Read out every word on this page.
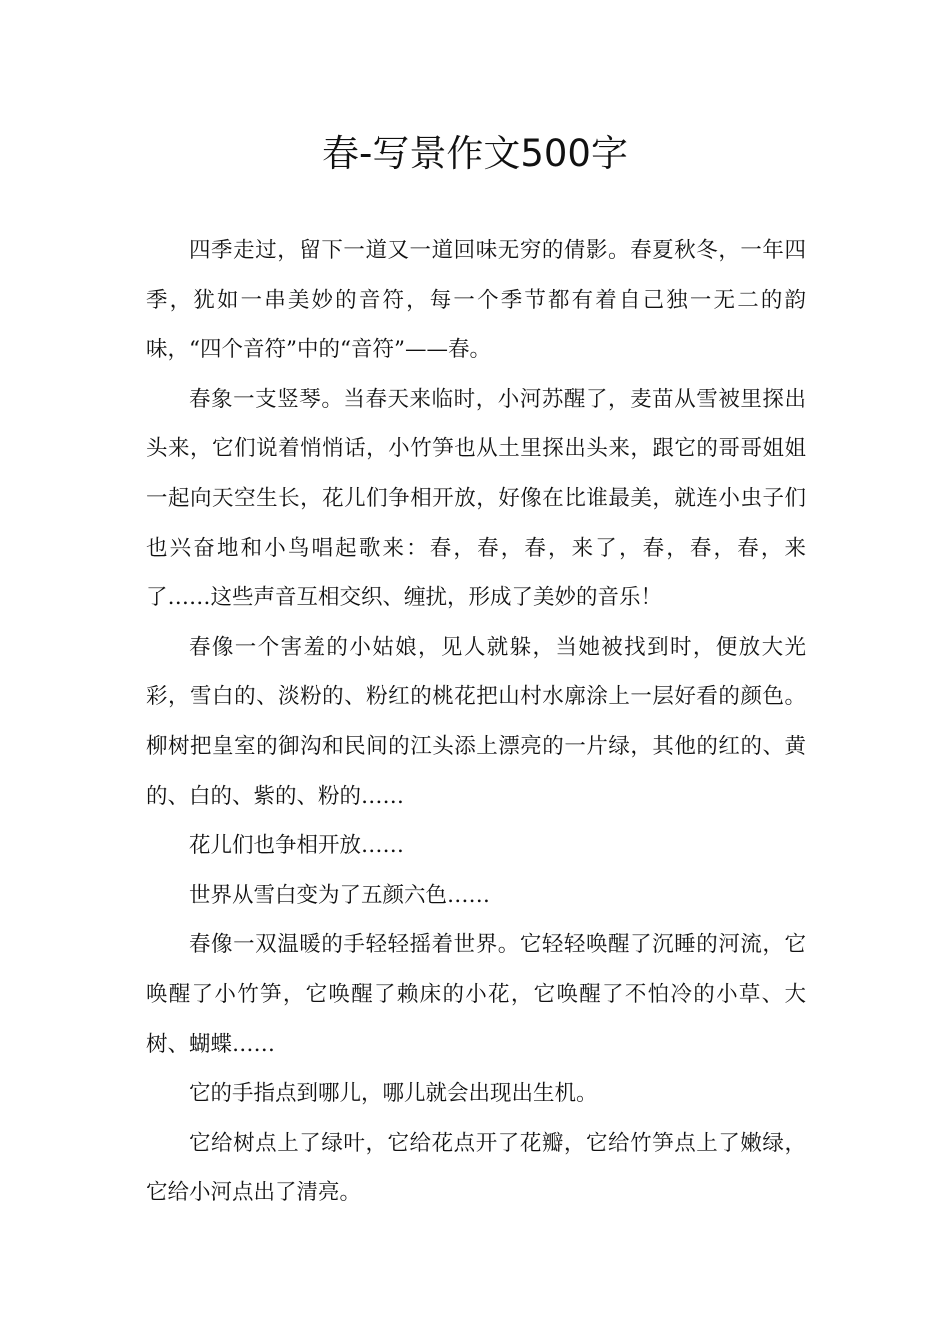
春-写景作文500字

四季走过，留下一道又一道回味无穷的倩影。春夏秋冬，一年四季，犹如一串美妙的音符，每一个季节都有着自己独一无二的韵味，“四个音符”中的“音符”——春。

春象一支竖琴。当春天来临时，小河苏醒了，麦苗从雪被里探出头来，它们说着悄悄话，小竹笋也从土里探出头来，跟它的哥哥姐姐一起向天空生长，花儿们争相开放，好像在比谁最美，就连小虫子们也兴奋地和小鸟唱起歌来：春，春，春，来了，春，春，春，来了……这些声音互相交织、缠扰，形成了美妙的音乐！

春像一个害羞的小姑娘，见人就躲，当她被找到时，便放大光彩，雪白的、淡粉的、粉红的桃花把山村水廓涂上一层好看的颜色。柳树把皇室的御沟和民间的江头添上漂亮的一片绿，其他的红的、黄的、白的、紫的、粉的……

花儿们也争相开放……

世界从雪白变为了五颜六色……

春像一双温暖的手轻轻摇着世界。它轻轻唤醒了沉睡的河流，它唤醒了小竹笋，它唤醒了赖床的小花，它唤醒了不怕冷的小草、大树、蝴蝶……

它的手指点到哪儿，哪儿就会出现出生机。

它给树点上了绿叶，它给花点开了花瓣，它给竹笋点上了嫩绿，它给小河点出了清亮。
